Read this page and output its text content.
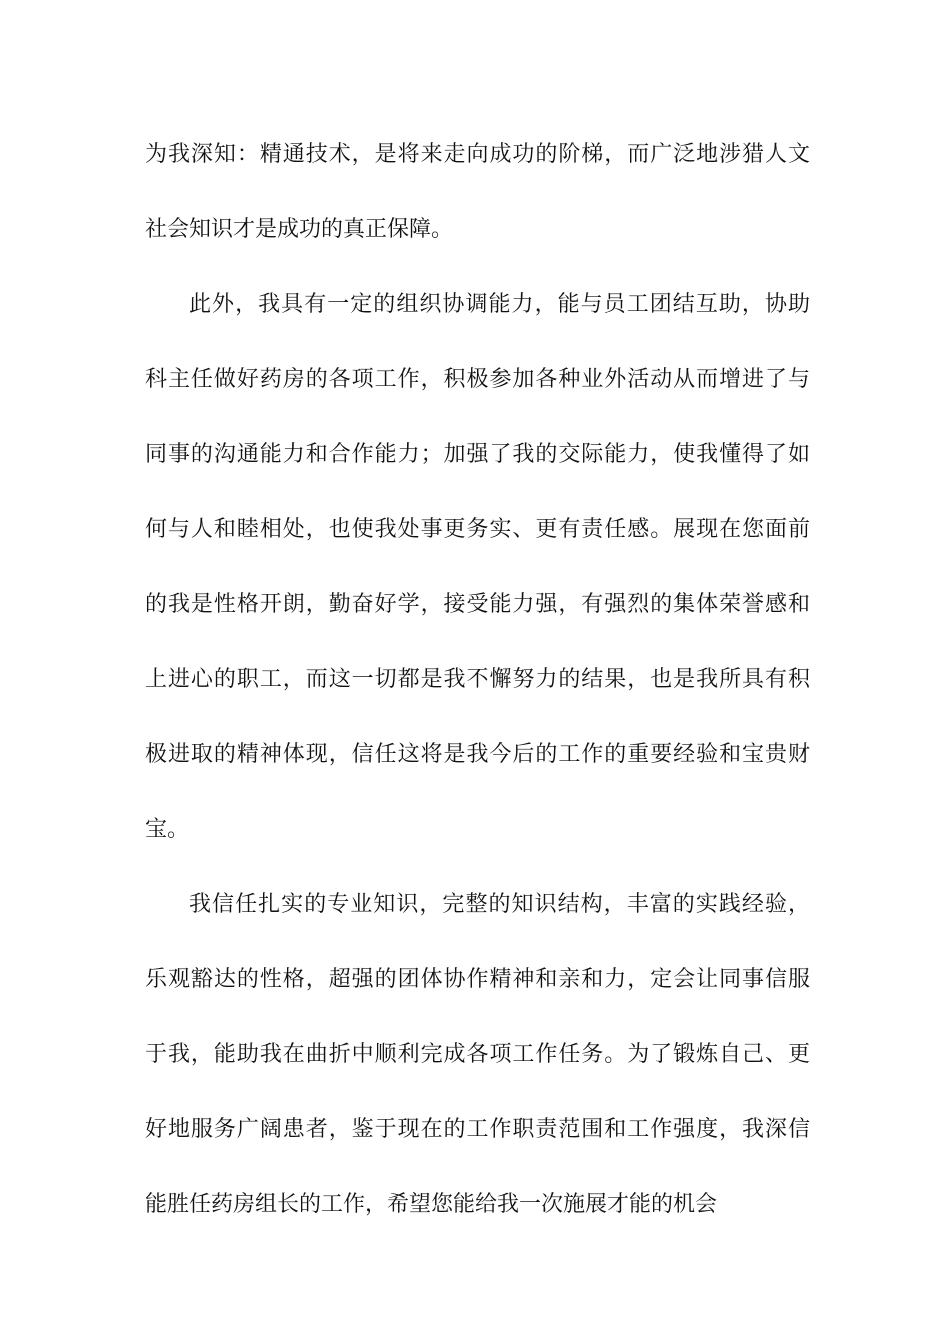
为我深知：精通技术，是将来走向成功的阶梯，而广泛地涉猎人文
社会知识才是成功的真正保障。
此外，我具有一定的组织协调能力，能与员工团结互助，协助
科主任做好药房的各项工作，积极参加各种业外活动从而增进了与
同事的沟通能力和合作能力；加强了我的交际能力，使我懂得了如
何与人和睦相处，也使我处事更务实、更有责任感。展现在您面前
的我是性格开朗，勤奋好学，接受能力强，有强烈的集体荣誉感和
上进心的职工，而这一切都是我不懈努力的结果，也是我所具有积
极进取的精神体现，信任这将是我今后的工作的重要经验和宝贵财
宝。
我信任扎实的专业知识，完整的知识结构，丰富的实践经验，
乐观豁达的性格，超强的团体协作精神和亲和力，定会让同事信服
于我，能助我在曲折中顺利完成各项工作任务。为了锻炼自己、更
好地服务广阔患者，鉴于现在的工作职责范围和工作强度，我深信
能胜任药房组长的工作，希望您能给我一次施展才能的机会
